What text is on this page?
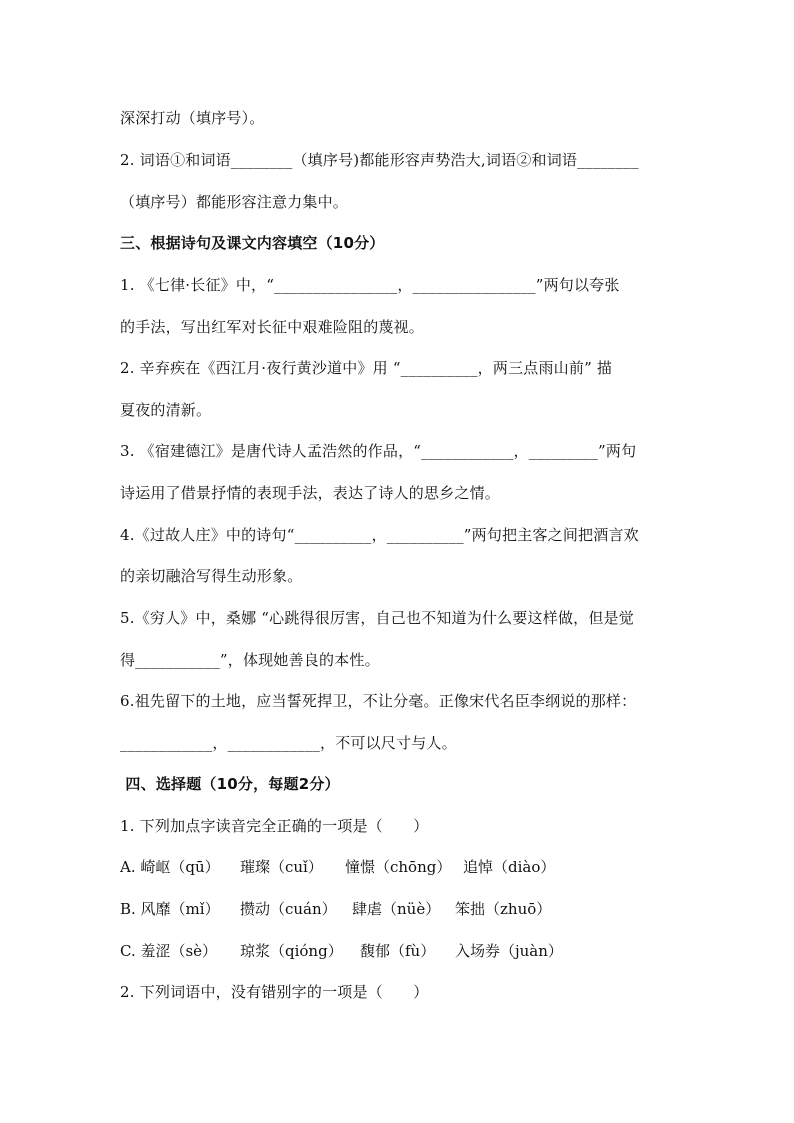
深深打动（填序号）。
2. 词语①和词语________（填序号)都能形容声势浩大,词语②和词语________
（填序号）都能形容注意力集中。
三、根据诗句及课文内容填空（10分）
1. 《七律·长征》中，“________________，________________”两句以夸张
的手法，写出红军对长征中艰难险阻的蔑视。
2. 辛弃疾在《西江月·夜行黄沙道中》用 “__________，两三点雨山前” 描
夏夜的清新。
3. 《宿建德江》是唐代诗人孟浩然的作品，“____________，_________”两句
诗运用了借景抒情的表现手法，表达了诗人的思乡之情。
4.《过故人庄》中的诗句“__________，__________”两句把主客之间把酒言欢
的亲切融洽写得生动形象。
5.《穷人》中，桑娜 “心跳得很厉害，自己也不知道为什么要这样做，但是觉
得___________”，体现她善良的本性。
6.祖先留下的土地，应当誓死捍卫，不让分毫。正像宋代名臣李纲说的那样：
____________，____________，不可以尺寸与人。
四、选择题（10分，每题2分）
1. 下列加点字读音完全正确的一项是（　　）
A. 崎岖（qū） 璀璨（cuǐ） 憧憬（chōng） 追悼（diào）
B. 风靡（mǐ） 攒动（cuán） 肆虐（nüè） 笨拙（zhuō）
C. 羞涩（sè） 琼浆（qióng） 馥郁（fù） 入场券（juàn）
2. 下列词语中，没有错别字的一项是（　　）
